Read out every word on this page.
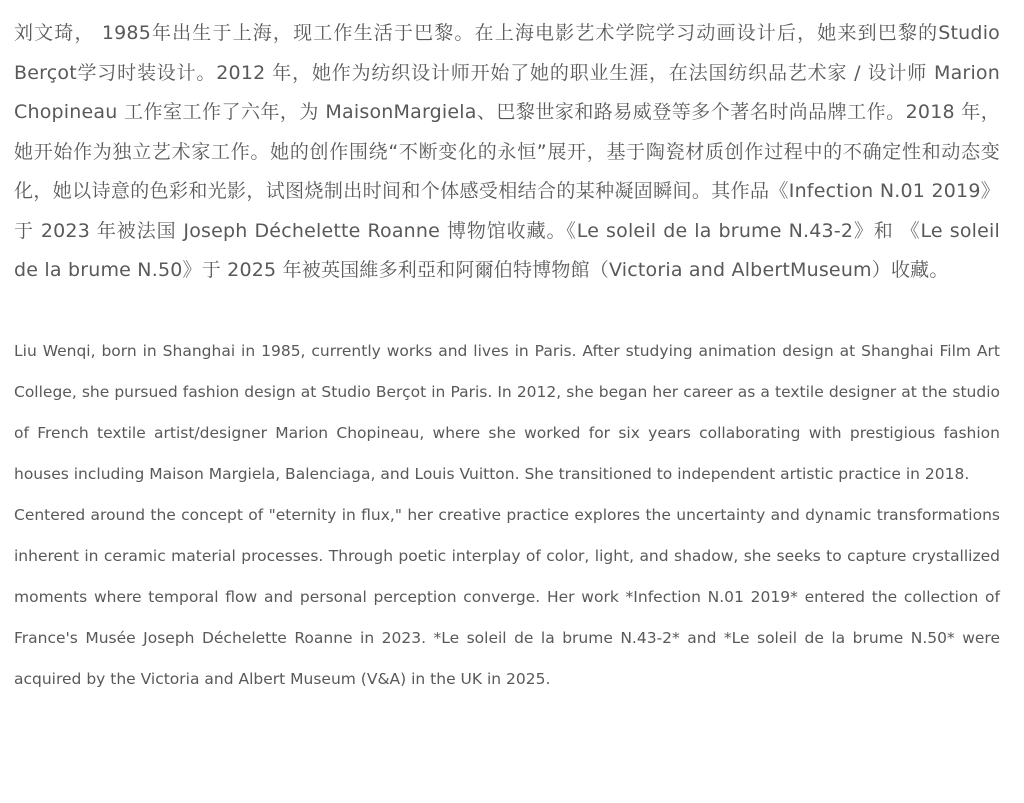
刘文琦， 1985年出生于上海，现工作生活于巴黎。在上海电影艺术学院学习动画设计后，她来到巴黎的Studio Berçot学习时装设计。2012 年，她作为纺织设计师开始了她的职业生涯，在法国纺织品艺术家 / 设计师 Marion Chopineau 工作室工作了六年，为 MaisonMargiela、巴黎世家和路易威登等多个著名时尚品牌工作。2018 年，她开始作为独立艺术家工作。她的创作围绕“不断变化的永恒”展开，基于陶瓷材质创作过程中的不确定性和动态变化，她以诗意的色彩和光影，试图烧制出时间和个体感受相结合的某种凝固瞬间。其作品《Infection N.01 2019》 于 2023 年被法国 Joseph Déchelette Roanne 博物馆收藏。《Le soleil de la brume N.43-2》和 《Le soleil de la brume N.50》于 2025 年被英国維多利亞和阿爾伯特博物館（Victoria and AlbertMuseum）收藏。

Liu Wenqi, born in Shanghai in 1985, currently works and lives in Paris. After studying animation design at Shanghai Film Art College, she pursued fashion design at Studio Berçot in Paris. In 2012, she began her career as a textile designer at the studio of French textile artist/designer Marion Chopineau, where she worked for six years collaborating with prestigious fashion houses including Maison Margiela, Balenciaga, and Louis Vuitton. She transitioned to independent artistic practice in 2018.

Centered around the concept of "eternity in flux," her creative practice explores the uncertainty and dynamic transformations inherent in ceramic material processes. Through poetic interplay of color, light, and shadow, she seeks to capture crystallized moments where temporal flow and personal perception converge. Her work *Infection N.01 2019* entered the collection of France's Musée Joseph Déchelette Roanne in 2023. *Le soleil de la brume N.43-2* and *Le soleil de la brume N.50* were acquired by the Victoria and Albert Museum (V&A) in the UK in 2025.
